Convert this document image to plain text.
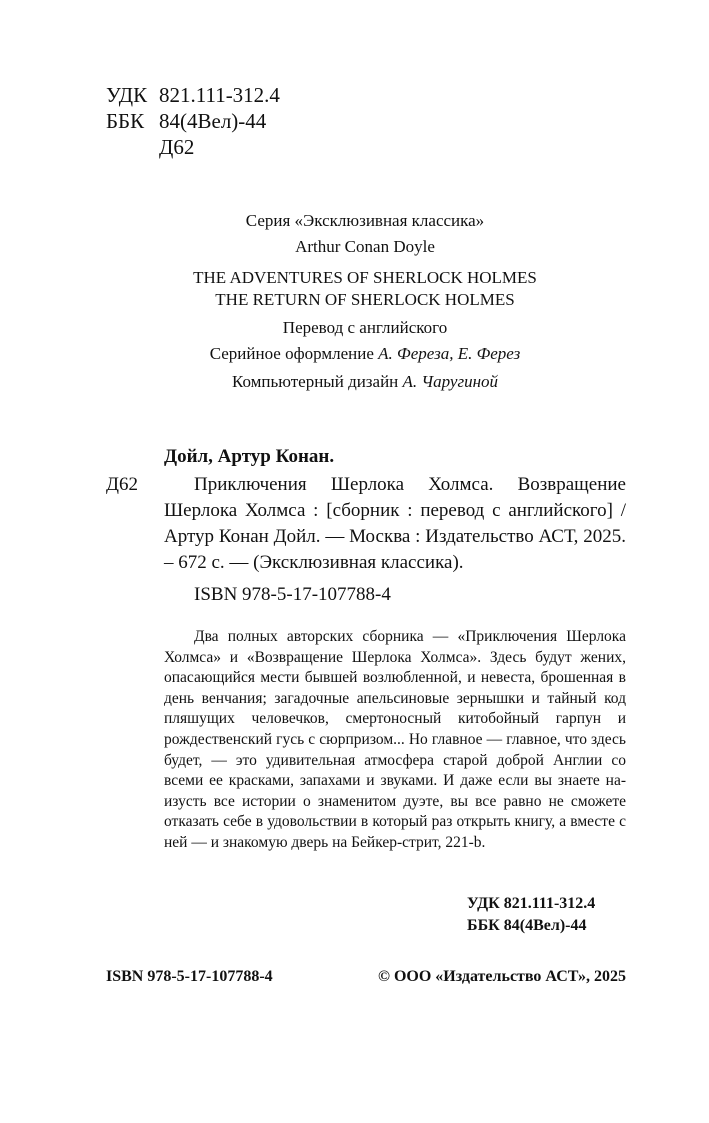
УДК 821.111-312.4
ББК 84(4Вел)-44
Д62
Серия «Эксклюзивная классика»
Arthur Conan Doyle
THE ADVENTURES OF SHERLOCK HOLMES
THE RETURN OF SHERLOCK HOLMES
Перевод с английского
Серийное оформление А. Фереза, Е. Ферез
Компьютерный дизайн А. Чаругиной
Дойл, Артур Конан.
Д62	Приключения Шерлока Холмса. Возвращение Шерлока Холмса : [сборник : перевод с английского] / Артур Конан Дойл. — Москва : Издательство АСТ, 2025. – 672 с. — (Эксклюзивная классика).
ISBN 978-5-17-107788-4
Два полных авторских сборника — «Приключения Шерлока Холмса» и «Возвращение Шерлока Холмса». Здесь будут жених, опасающийся мести бывшей возлюбленной, и невеста, брошенная в день венчания; загадочные апельсиновые зернышки и тайный код пляшущих человечков, смертоносный китобойный гарпун и рождественский гусь с сюрпризом... Но главное — главное, что здесь будет, — это удивительная атмосфера старой доброй Англии со всеми ее красками, запахами и звуками. И даже если вы знаете наизусть все истории о знаменитом дуэте, вы все равно не сможете отказать себе в удовольствии в который раз открыть книгу, а вместе с ней — и знакомую дверь на Бейкер-стрит, 221-b.
УДК 821.111-312.4
ББК 84(4Вел)-44
ISBN 978-5-17-107788-4	© ООО «Издательство АСТ», 2025
